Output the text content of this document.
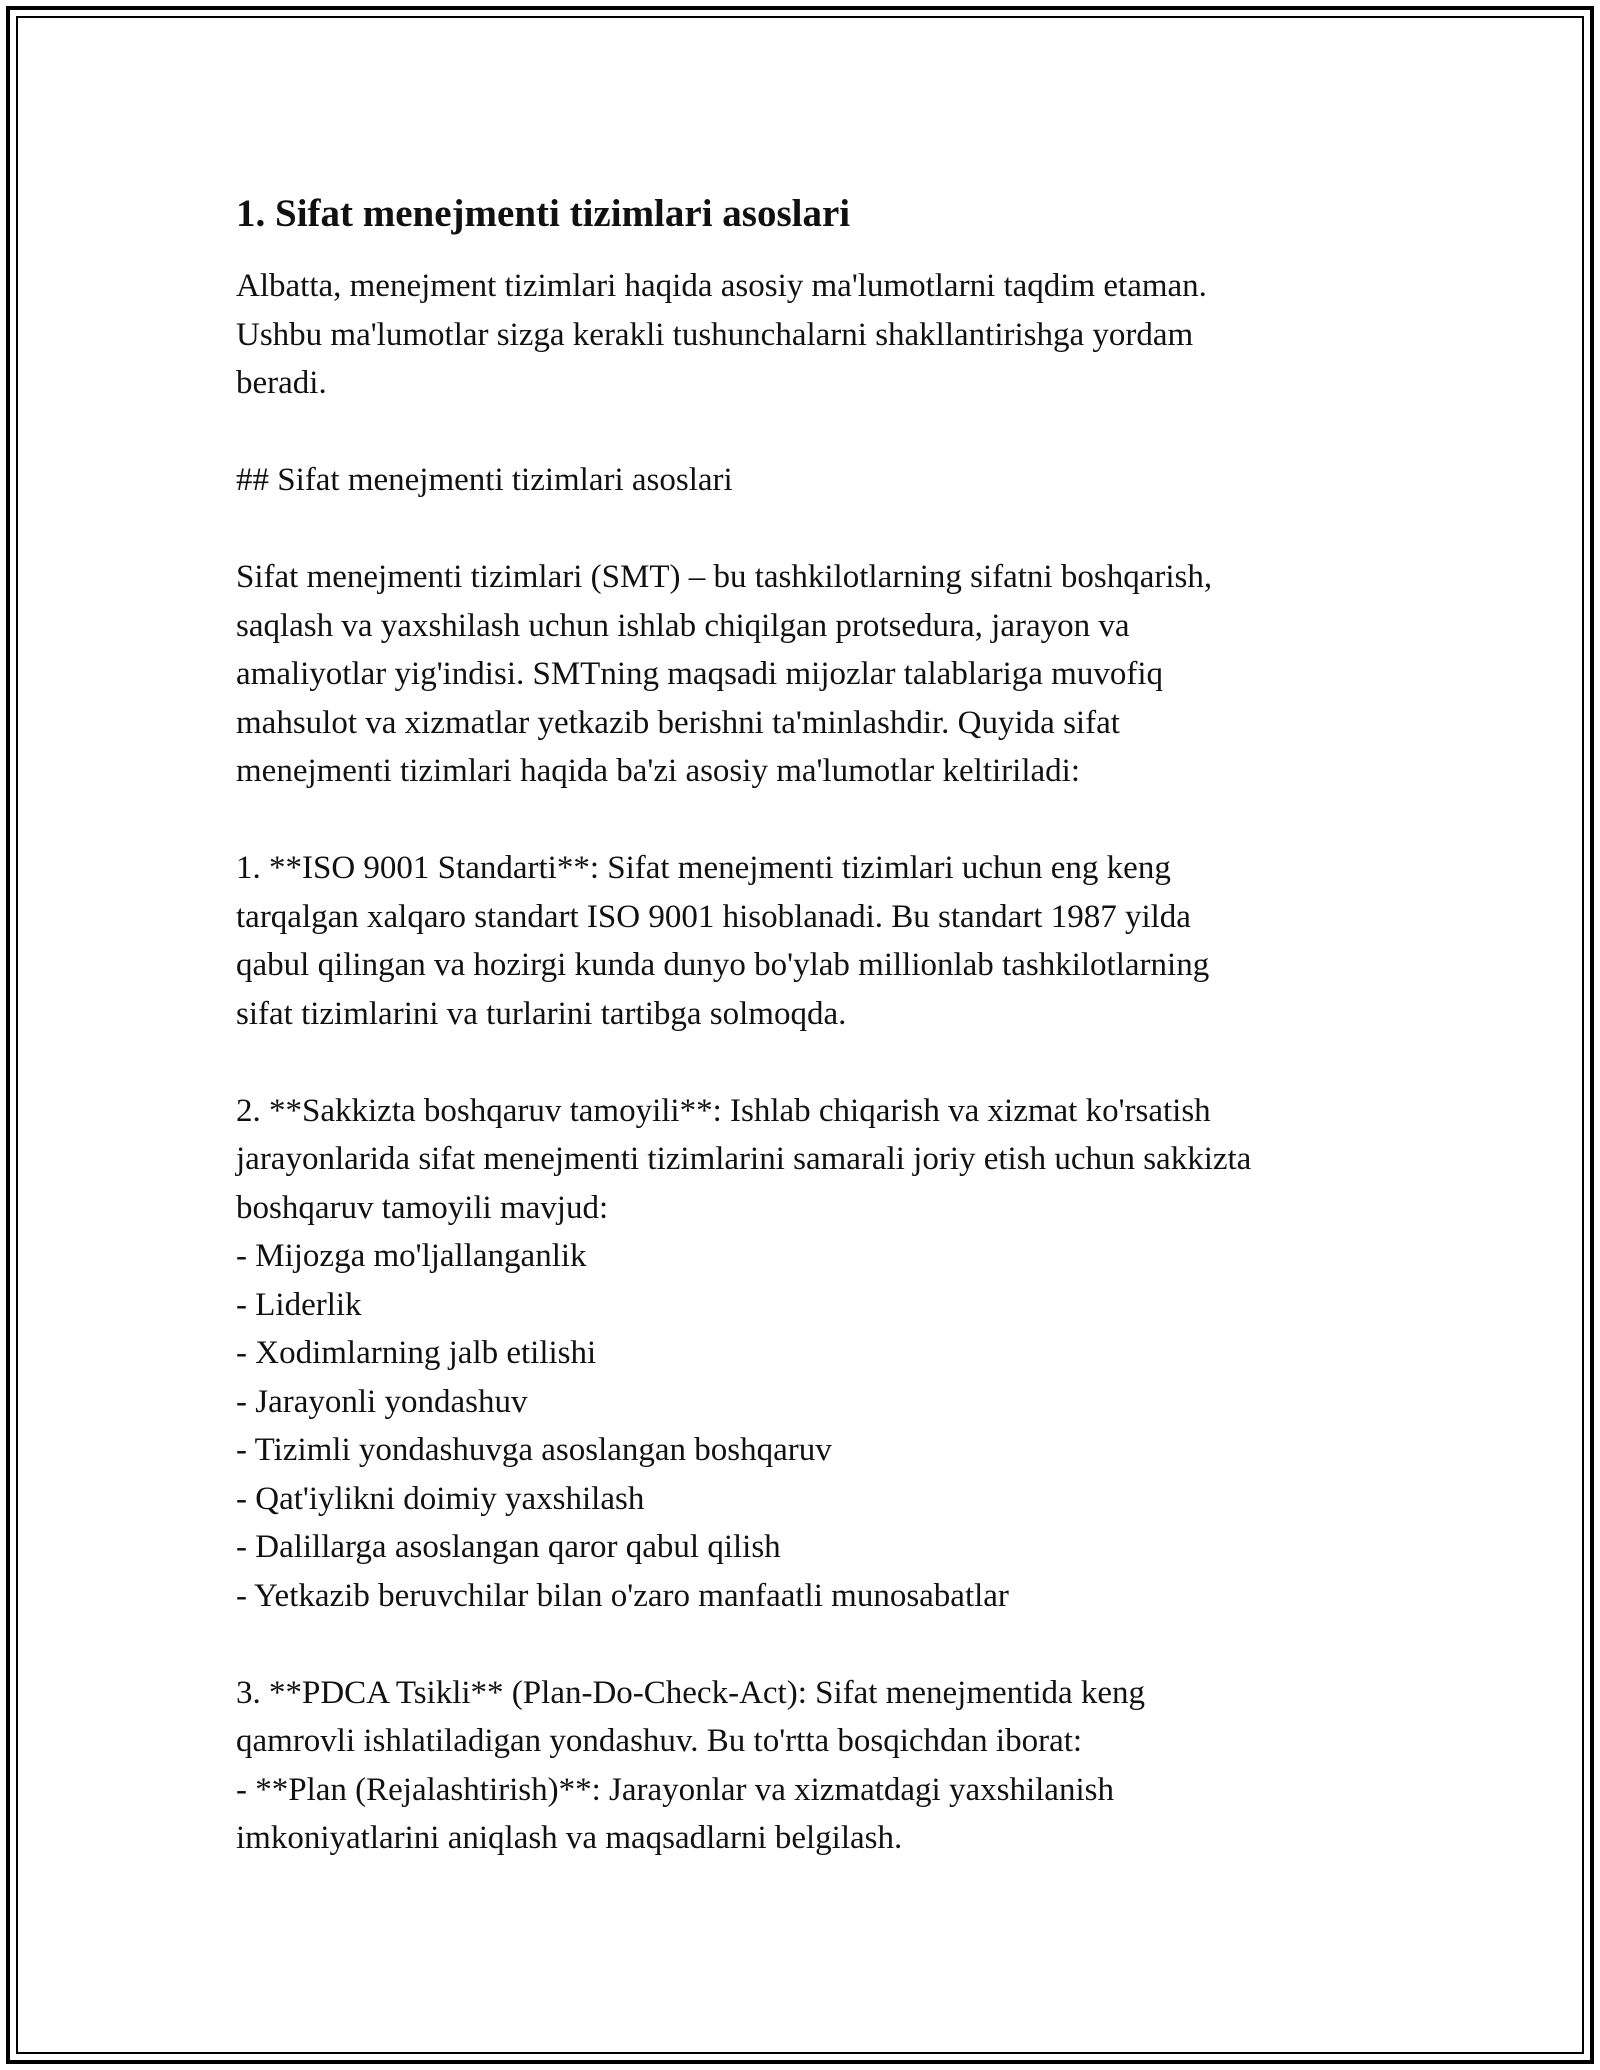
1. Sifat menejmenti tizimlari asoslari

Albatta, menejment tizimlari haqida asosiy ma'lumotlarni taqdim etaman.
Ushbu ma'lumotlar sizga kerakli tushunchalarni shakllantirishga yordam
beradi.

## Sifat menejmenti tizimlari asoslari

Sifat menejmenti tizimlari (SMT) – bu tashkilotlarning sifatni boshqarish,
saqlash va yaxshilash uchun ishlab chiqilgan protsedura, jarayon va
amaliyotlar yig'indisi. SMTning maqsadi mijozlar talablariga muvofiq
mahsulot va xizmatlar yetkazib berishni ta'minlashdir. Quyida sifat
menejmenti tizimlari haqida ba'zi asosiy ma'lumotlar keltiriladi:

1. **ISO 9001 Standarti**: Sifat menejmenti tizimlari uchun eng keng
tarqalgan xalqaro standart ISO 9001 hisoblanadi. Bu standart 1987 yilda
qabul qilingan va hozirgi kunda dunyo bo'ylab millionlab tashkilotlarning
sifat tizimlarini va turlarini tartibga solmoqda.

2. **Sakkizta boshqaruv tamoyili**: Ishlab chiqarish va xizmat ko'rsatish
jarayonlarida sifat menejmenti tizimlarini samarali joriy etish uchun sakkizta
boshqaruv tamoyili mavjud:
- Mijozga mo'ljallanganlik
- Liderlik
- Xodimlarning jalb etilishi
- Jarayonli yondashuv
- Tizimli yondashuvga asoslangan boshqaruv
- Qat'iylikni doimiy yaxshilash
- Dalillarga asoslangan qaror qabul qilish
- Yetkazib beruvchilar bilan o'zaro manfaatli munosabatlar

3. **PDCA Tsikli** (Plan-Do-Check-Act): Sifat menejmentida keng
qamrovli ishlatiladigan yondashuv. Bu to'rtta bosqichdan iborat:
- **Plan (Rejalashtirish)**: Jarayonlar va xizmatdagi yaxshilanish
imkoniyatlarini aniqlash va maqsadlarni belgilash.
